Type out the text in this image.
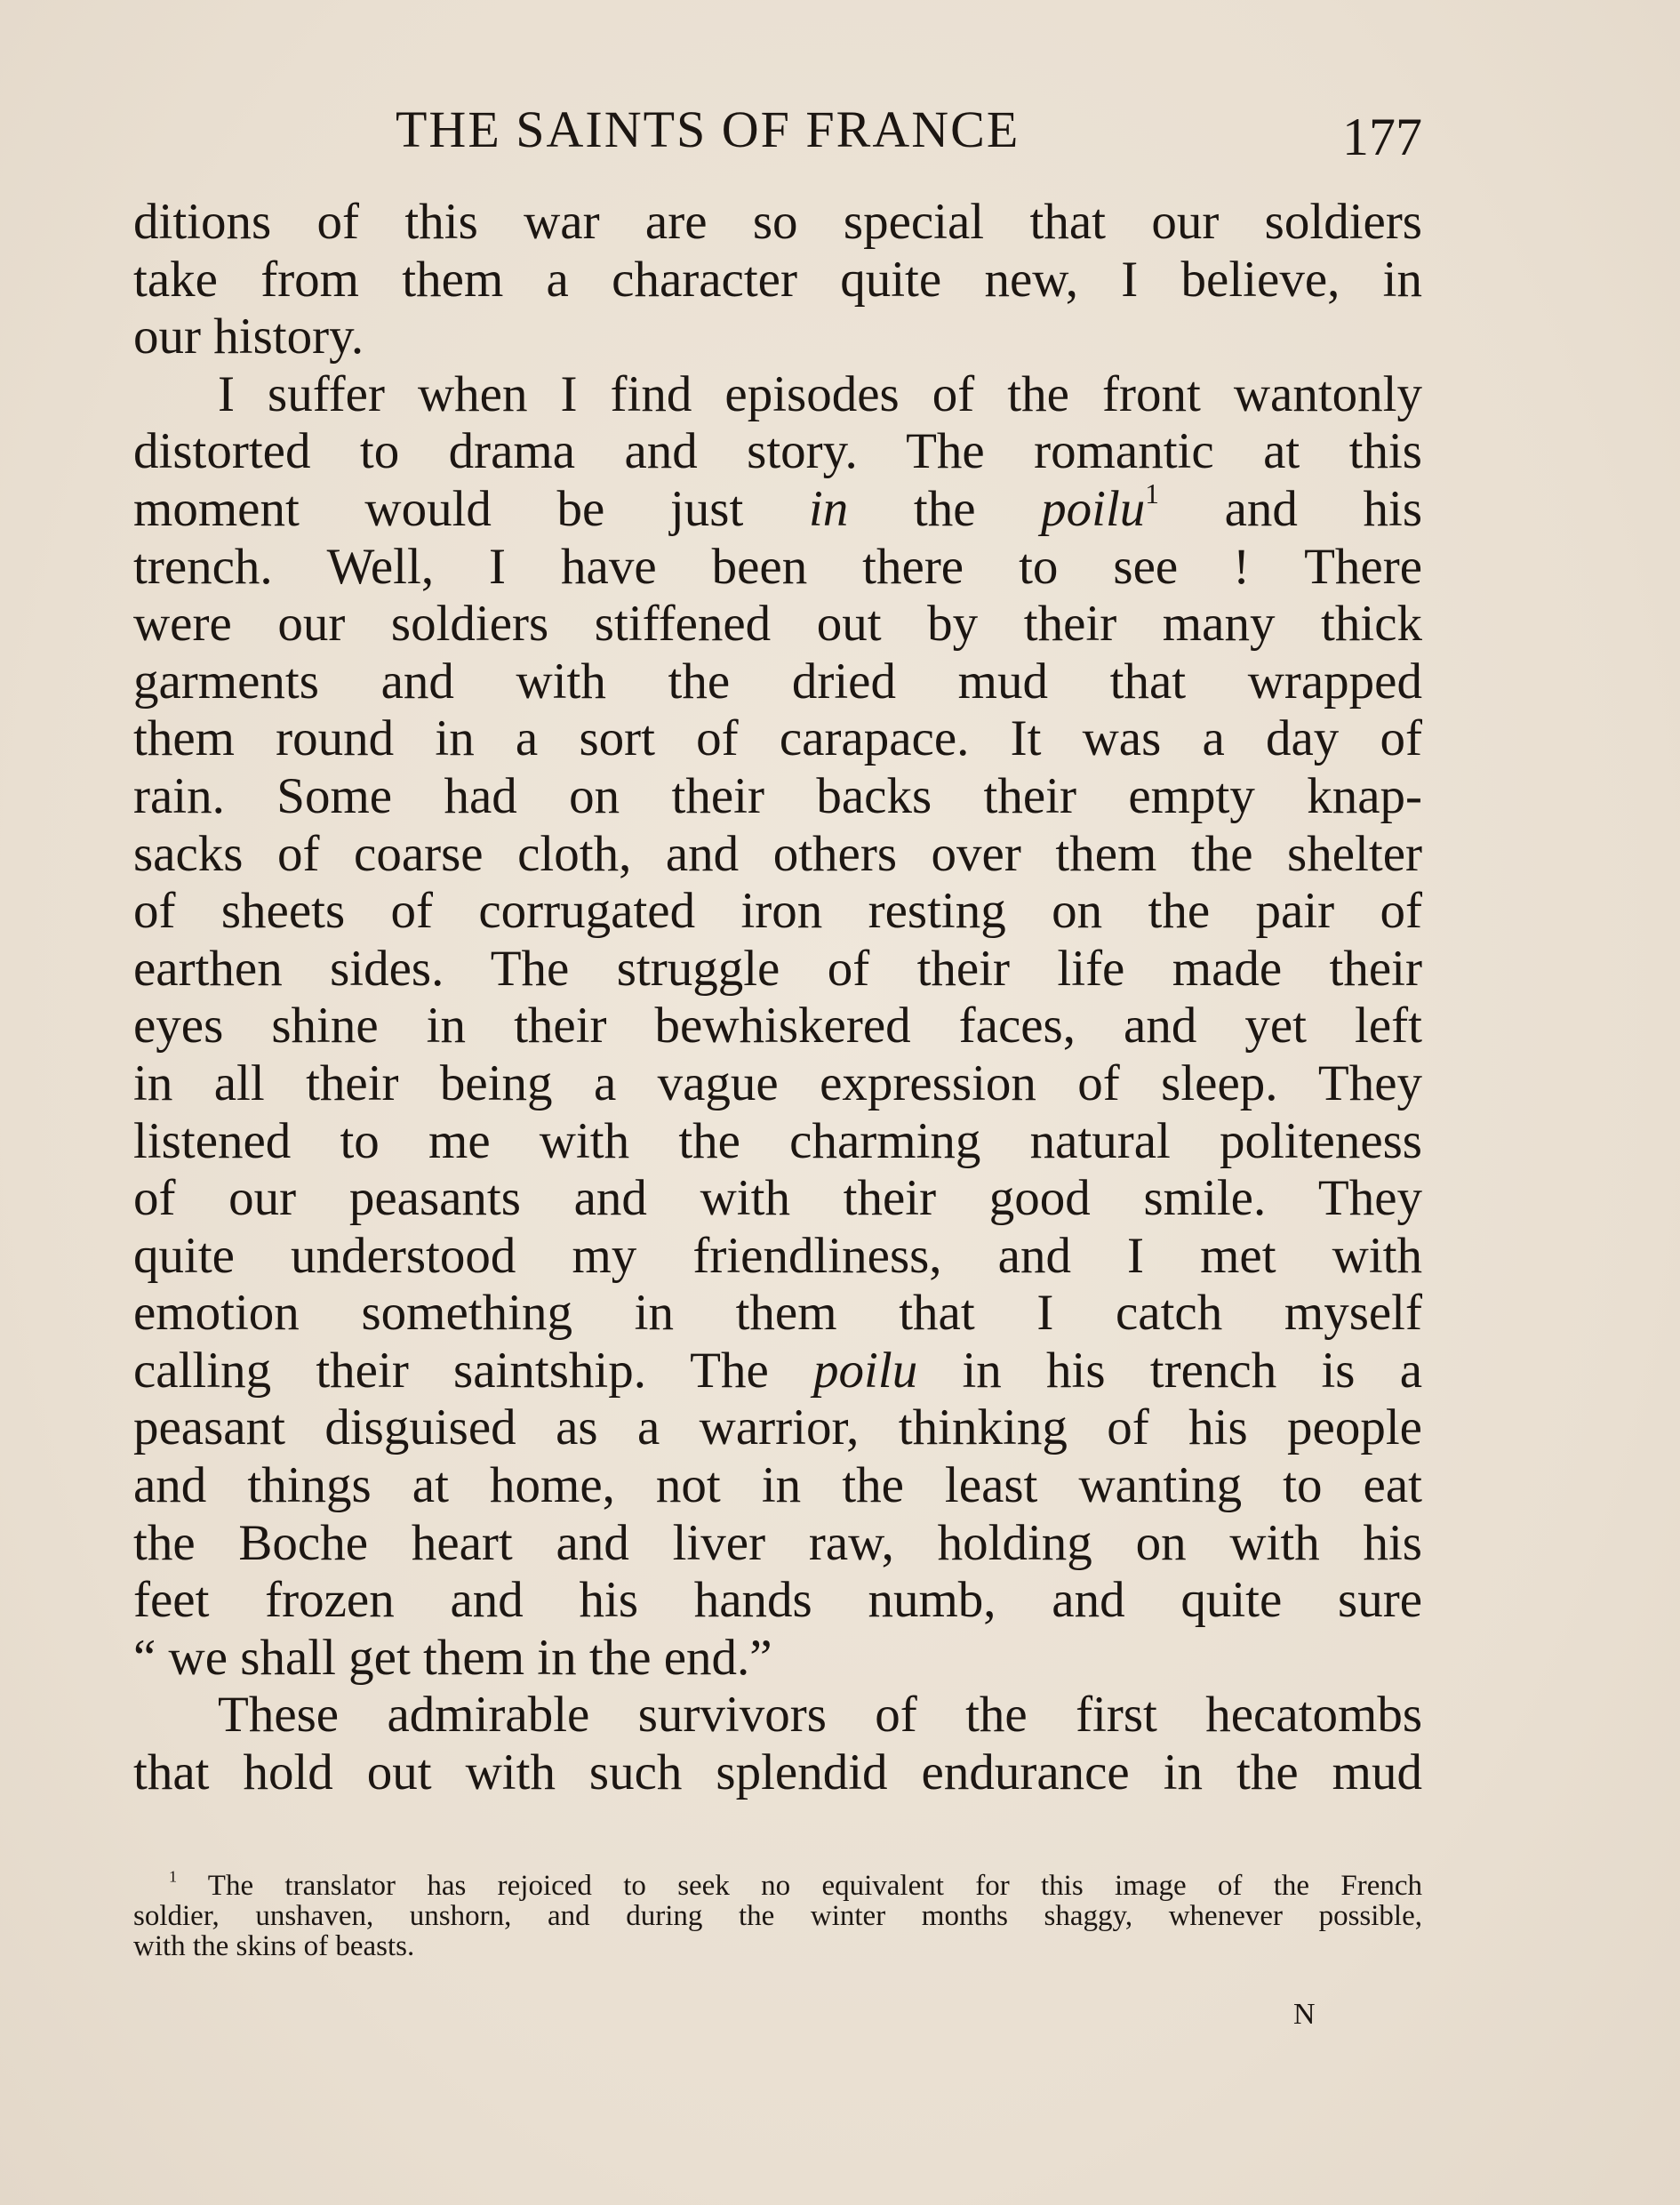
THE SAINTS OF FRANCE	177
ditions of this war are so special that our soldiers
take from them a character quite new, I believe, in
our history.
I suffer when I find episodes of the front wantonly
distorted to drama and story. The romantic at this
moment would be just in the poilu$^1$ and his
trench. Well, I have been there to see ! There
were our soldiers stiffened out by their many thick
garments and with the dried mud that wrapped
them round in a sort of carapace. It was a day of
rain. Some had on their backs their empty knap-
sacks of coarse cloth, and others over them the shelter
of sheets of corrugated iron resting on the pair of
earthen sides. The struggle of their life made their
eyes shine in their bewhiskered faces, and yet left
in all their being a vague expression of sleep. They
listened to me with the charming natural politeness
of our peasants and with their good smile. They
quite understood my friendliness, and I met with
emotion something in them that I catch myself
calling their saintship. The poilu in his trench is a
peasant disguised as a warrior, thinking of his people
and things at home, not in the least wanting to eat
the Boche heart and liver raw, holding on with his
feet frozen and his hands numb, and quite sure
“ we shall get them in the end.”
These admirable survivors of the first hecatombs
that hold out with such splendid endurance in the mud
$^1$ The translator has rejoiced to seek no equivalent for this image of the French
soldier, unshaven, unshorn, and during the winter months shaggy, whenever possible,
with the skins of beasts.
N
